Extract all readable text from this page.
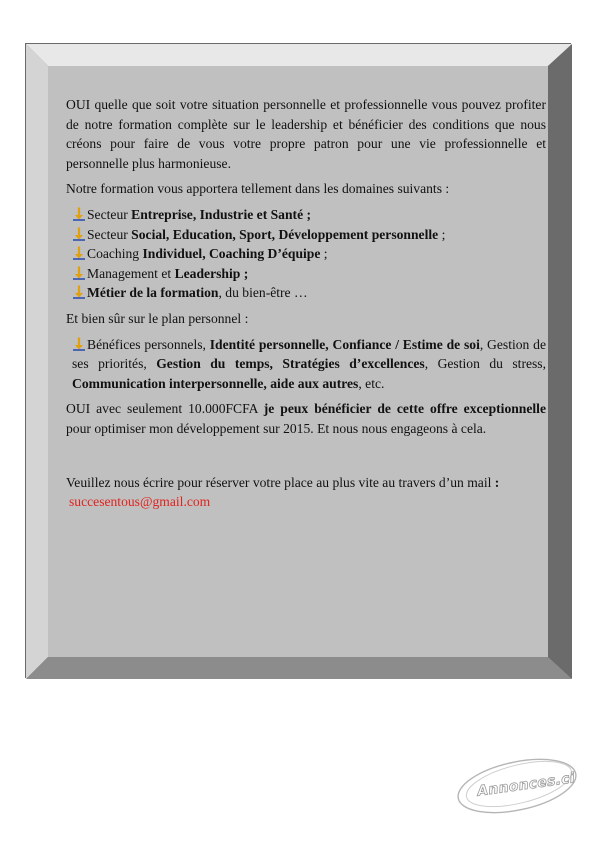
OUI quelle que soit votre situation personnelle et professionnelle vous pouvez profiter de notre formation complète sur le leadership et bénéficier des conditions que nous créons pour faire de vous votre propre patron pour une vie professionnelle et personnelle plus harmonieuse.

Notre formation vous apportera tellement dans les domaines suivants :

Secteur Entreprise, Industrie et Santé ;
Secteur Social, Education, Sport, Développement personnelle ;
Coaching Individuel, Coaching D’équipe ;
Management et Leadership ;
Métier de la formation, du bien-être …

Et bien sûr sur le plan personnel :

Bénéfices personnels, Identité personnelle, Confiance / Estime de soi, Gestion de ses priorités, Gestion du temps, Stratégies d’excellences, Gestion du stress, Communication interpersonnelle, aide aux autres, etc.

OUI avec seulement 10.000FCFA je peux bénéficier de cette offre exceptionnelle pour optimiser mon développement sur 2015. Et nous nous engageons à cela.

Veuillez nous écrire pour réserver votre place au plus vite au travers d’un mail :
succesentous@gmail.com

Annonces.ci
